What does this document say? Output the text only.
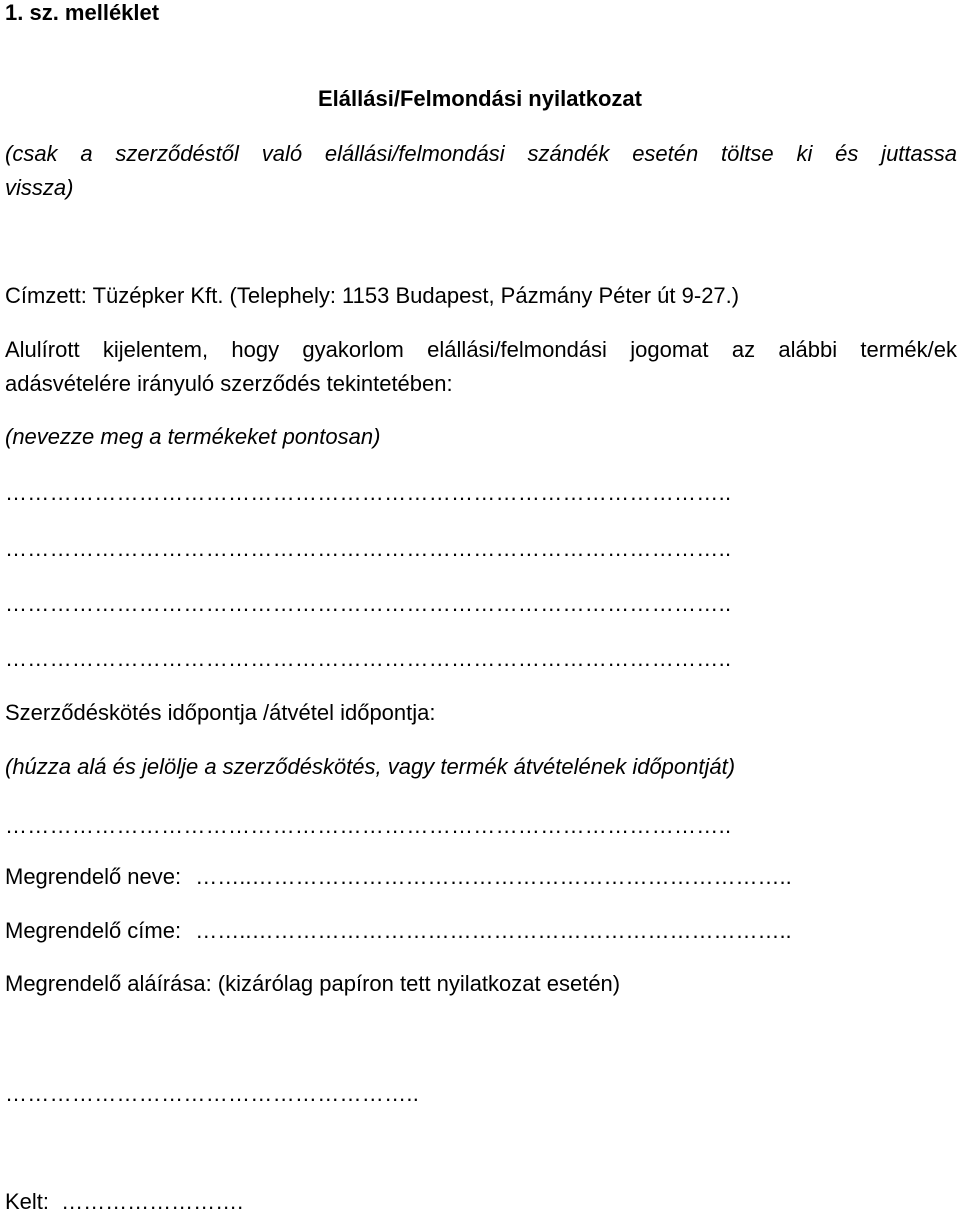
1. sz. melléklet
Elállási/Felmondási nyilatkozat
(csak a szerződéstől való elállási/felmondási szándék esetén töltse ki és juttassa
vissza)
Címzett: Tüzépker Kft. (Telephely: 1153 Budapest, Pázmány Péter út 9-27.)
Alulírott kijelentem, hogy gyakorlom elállási/felmondási jogomat az alábbi termék/ek
adásvételére irányuló szerződés tekintetében:
(nevezze meg a termékeket pontosan)
……………………………………………………………………………………..
……………………………………………………………………………………..
……………………………………………………………………………………..
……………………………………………………………………………………..
Szerződéskötés időpontja /átvétel időpontja:
(húzza alá és jelölje a szerződéskötés, vagy termék átvételének időpontját)
……………………………………………………………………………………..
Megrendelő neve: ……..………………………………………………………………..
Megrendelő címe: ……..………………………………………………………………..
Megrendelő aláírása: (kizárólag papíron tett nyilatkozat esetén)
………………………………………………..
Kelt: …………………….
